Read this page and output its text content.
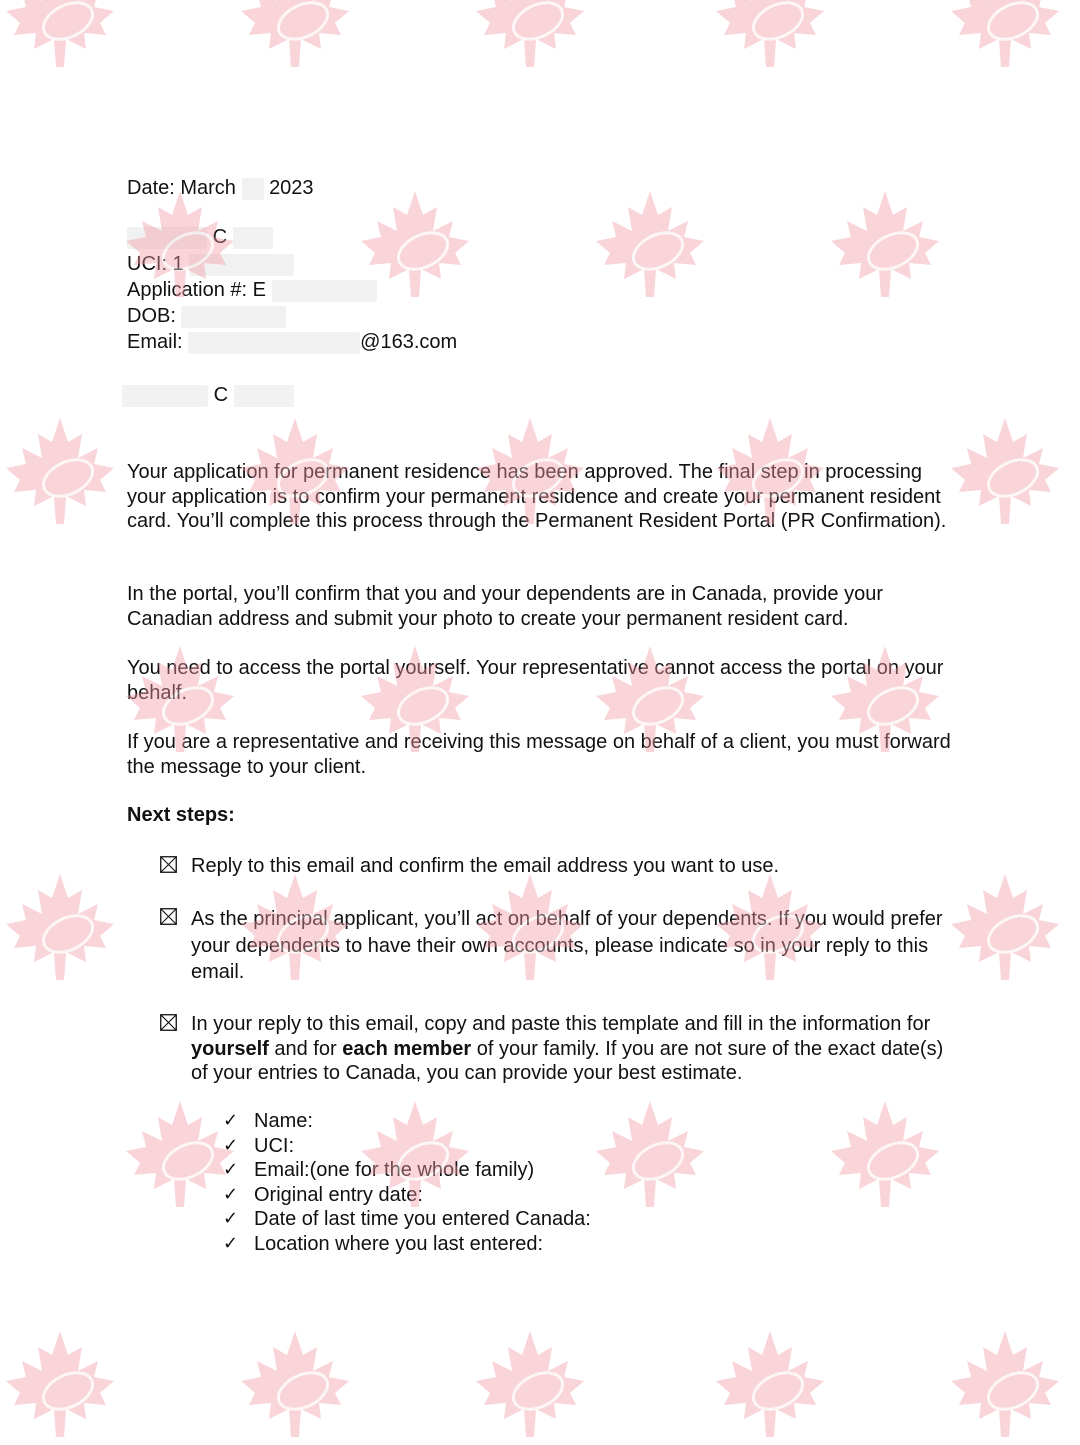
Date: March 2023
C
UCI: 1
Application #: E
DOB:
Email:	@163.com
C
Your application for permanent residence has been approved. The final step in processing your application is to confirm your permanent residence and create your permanent resident card. You’ll complete this process through the Permanent Resident Portal (PR Confirmation).
In the portal, you’ll confirm that you and your dependents are in Canada, provide your Canadian address and submit your photo to create your permanent resident card.
You need to access the portal yourself. Your representative cannot access the portal on your behalf.
If you are a representative and receiving this message on behalf of a client, you must forward the message to your client.
Next steps:
Reply to this email and confirm the email address you want to use.
As the principal applicant, you’ll act on behalf of your dependents. If you would prefer your dependents to have their own accounts, please indicate so in your reply to this email.
In your reply to this email, copy and paste this template and fill in the information for yourself and for each member of your family. If you are not sure of the exact date(s) of your entries to Canada, you can provide your best estimate.
✓ Name:
✓ UCI:
✓ Email:(one for the whole family)
✓ Original entry date:
✓ Date of last time you entered Canada:
✓ Location where you last entered:
